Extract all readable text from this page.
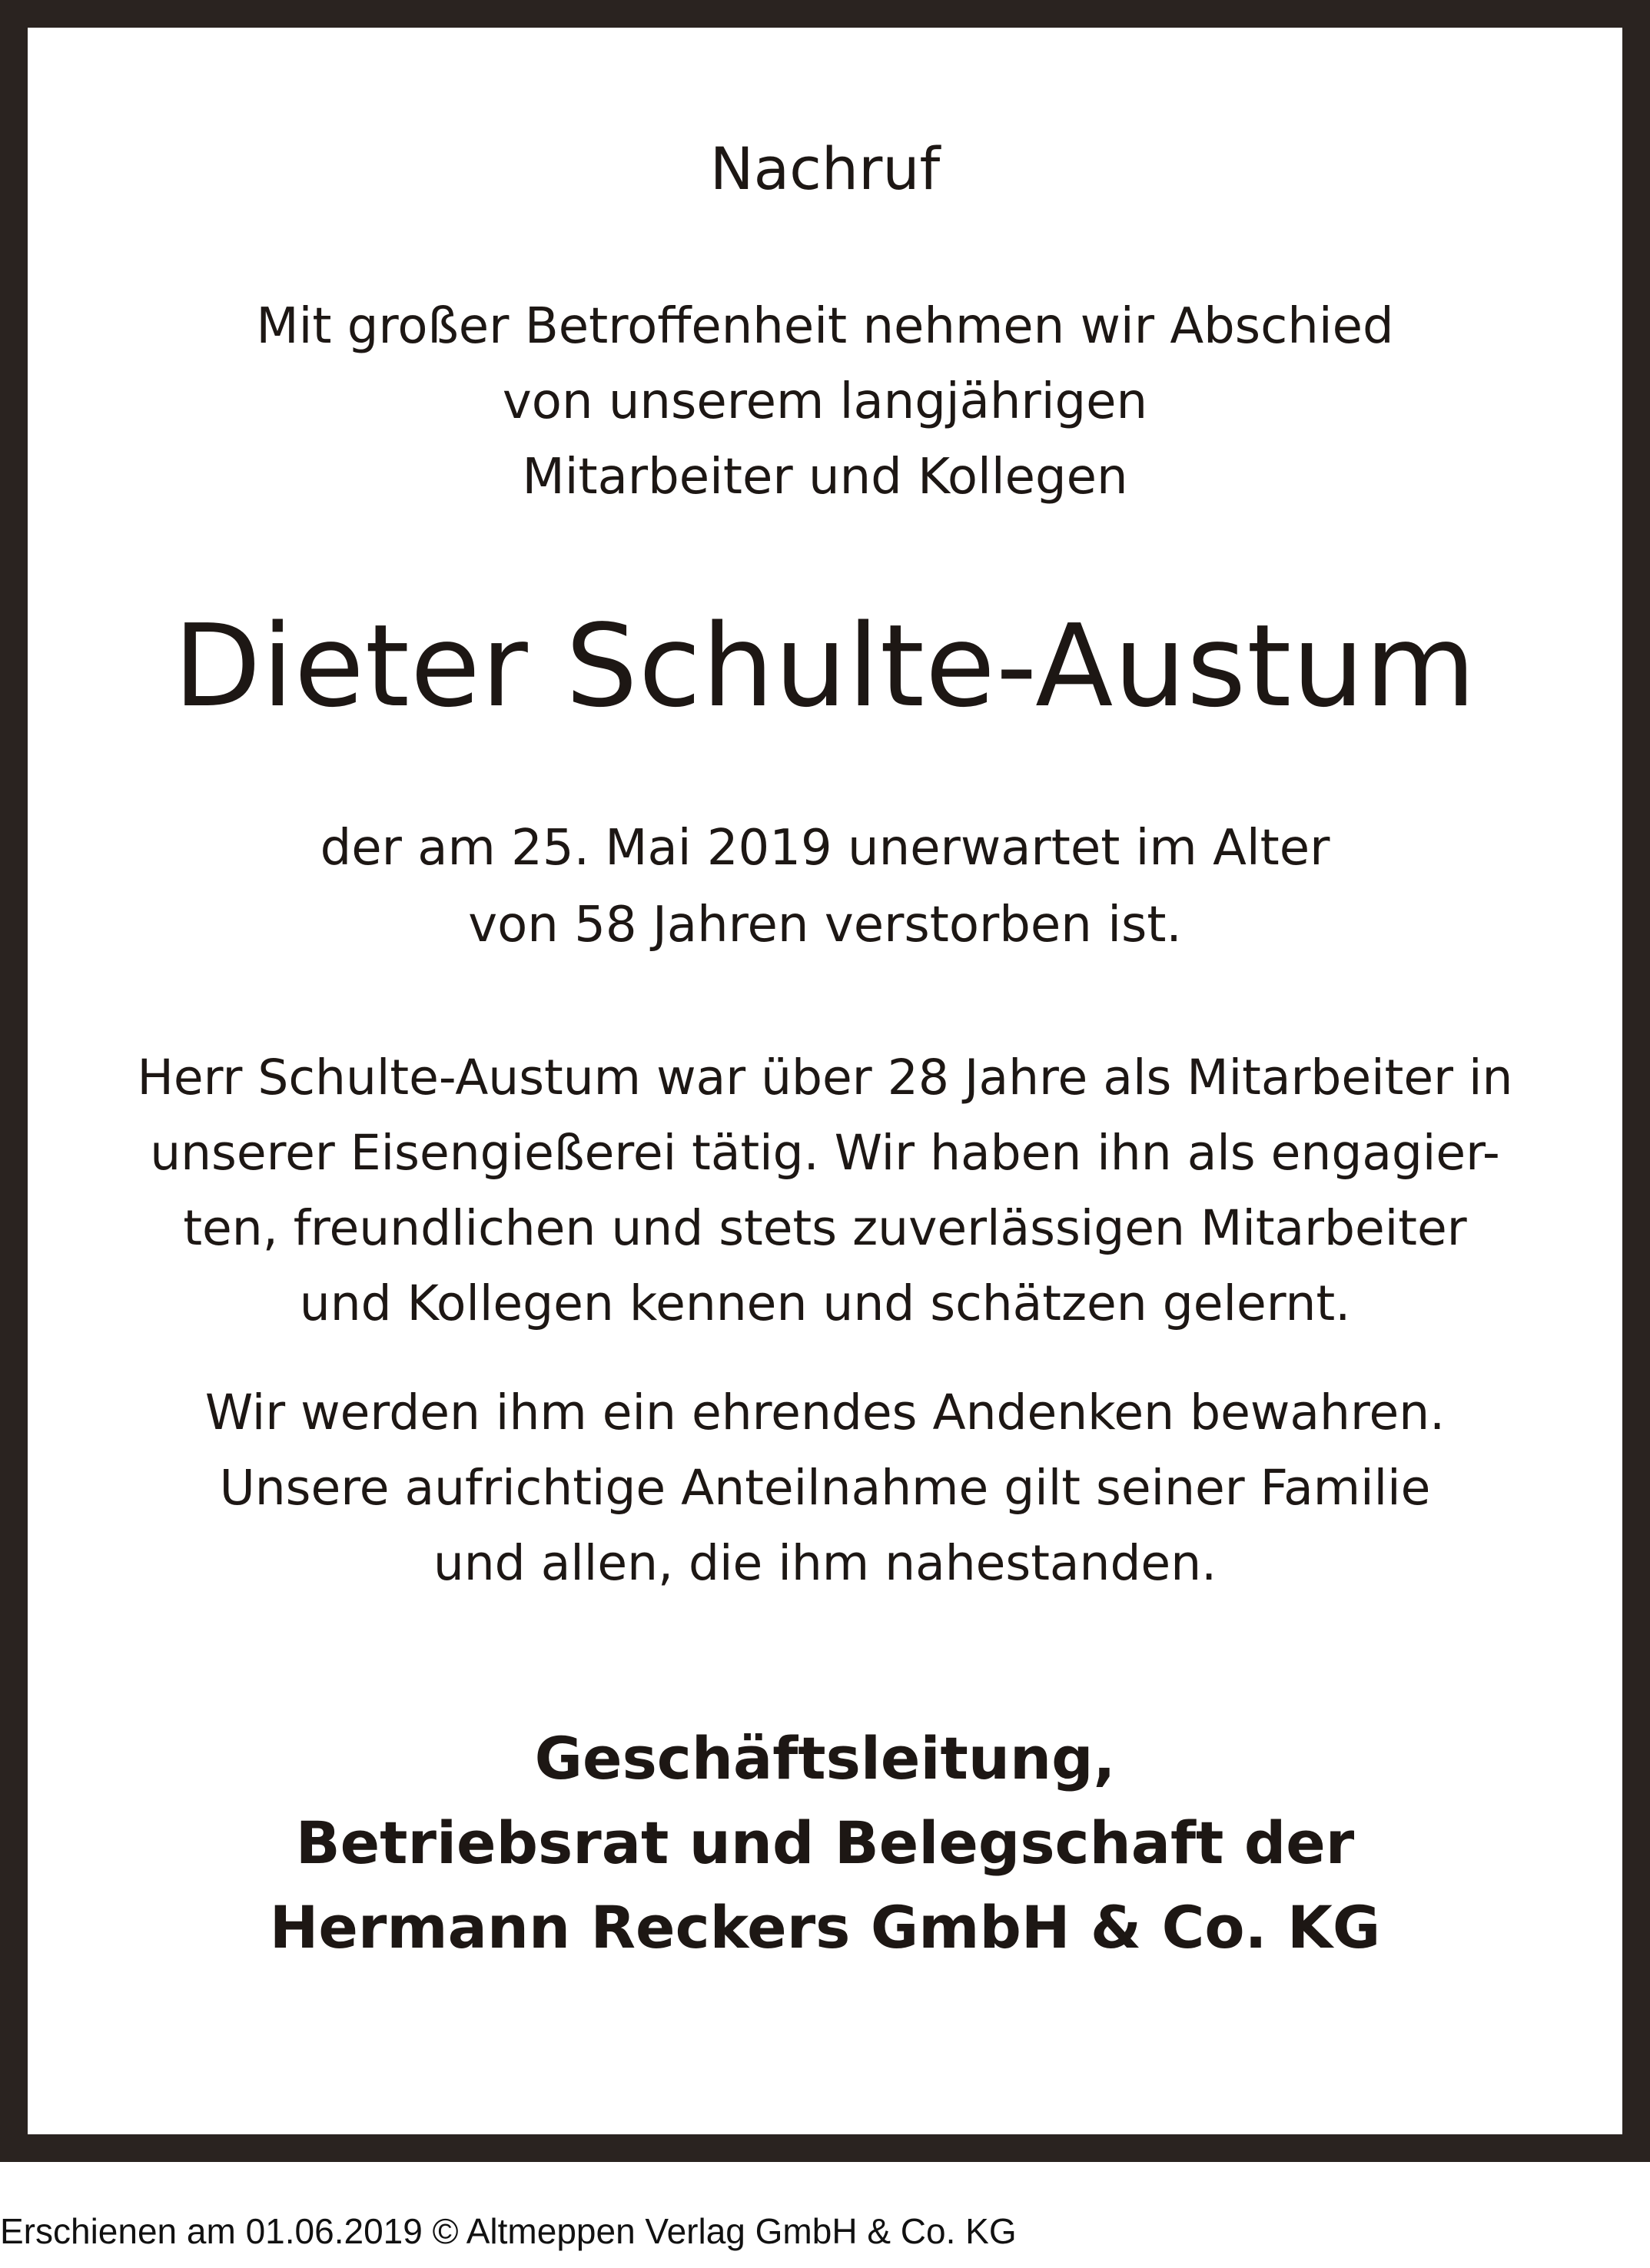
Nachruf
Mit großer Betroffenheit nehmen wir Abschied
von unserem langjährigen
Mitarbeiter und Kollegen
Dieter Schulte-Austum
der am 25. Mai 2019 unerwartet im Alter
von 58 Jahren verstorben ist.
Herr Schulte-Austum war über 28 Jahre als Mitarbeiter in
unserer Eisengießerei tätig. Wir haben ihn als engagier-
ten, freundlichen und stets zuverlässigen Mitarbeiter
und Kollegen kennen und schätzen gelernt.
Wir werden ihm ein ehrendes Andenken bewahren.
Unsere aufrichtige Anteilnahme gilt seiner Familie
und allen, die ihm nahestanden.
Geschäftsleitung,
Betriebsrat und Belegschaft der
Hermann Reckers GmbH & Co. KG
Erschienen am 01.06.2019 © Altmeppen Verlag GmbH & Co. KG
